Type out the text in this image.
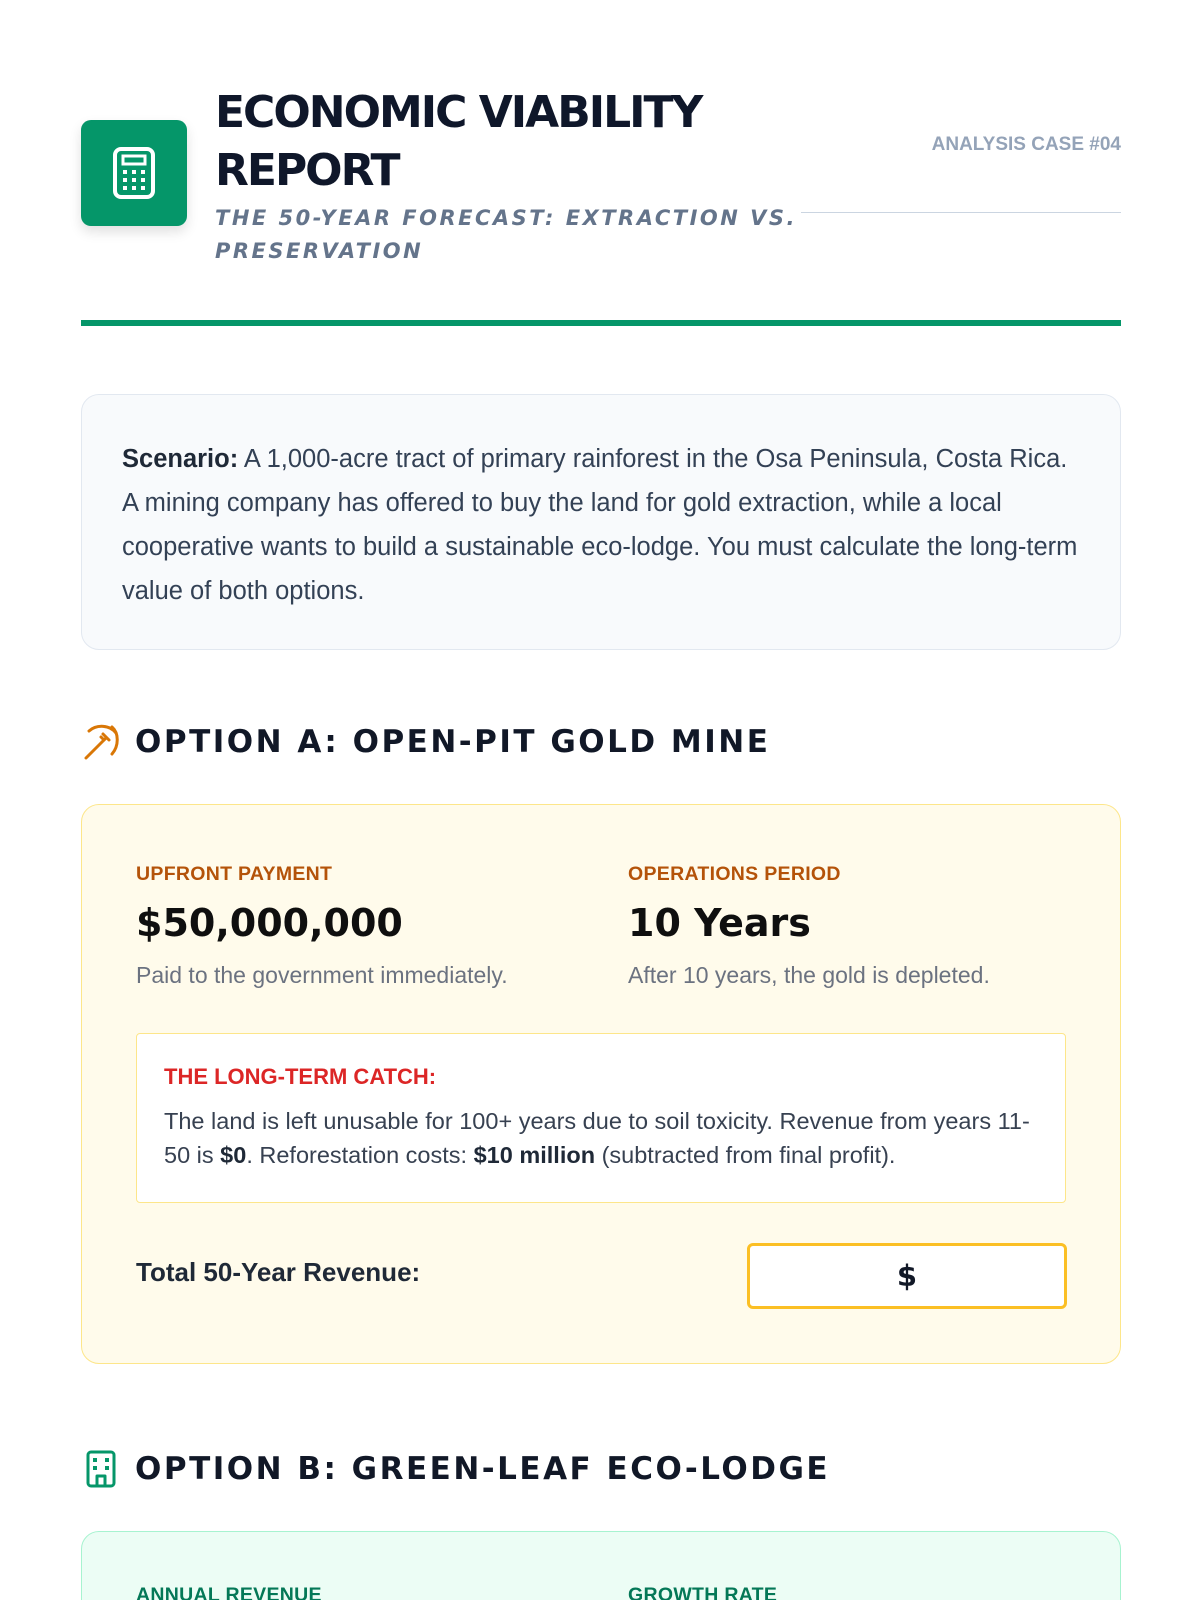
ECONOMIC VIABILITY REPORT
THE 50-YEAR FORECAST: EXTRACTION VS. PRESERVATION
ANALYSIS CASE #04
Scenario: A 1,000-acre tract of primary rainforest in the Osa Peninsula, Costa Rica. A mining company has offered to buy the land for gold extraction, while a local cooperative wants to build a sustainable eco-lodge. You must calculate the long-term value of both options.
OPTION A: OPEN-PIT GOLD MINE
UPFRONT PAYMENT
$50,000,000
Paid to the government immediately.
OPERATIONS PERIOD
10 Years
After 10 years, the gold is depleted.
THE LONG-TERM CATCH:
The land is left unusable for 100+ years due to soil toxicity. Revenue from years 11-50 is $0. Reforestation costs: $10 million (subtracted from final profit).
Total 50-Year Revenue:
$
OPTION B: GREEN-LEAF ECO-LODGE
ANNUAL REVENUE	GROWTH RATE
